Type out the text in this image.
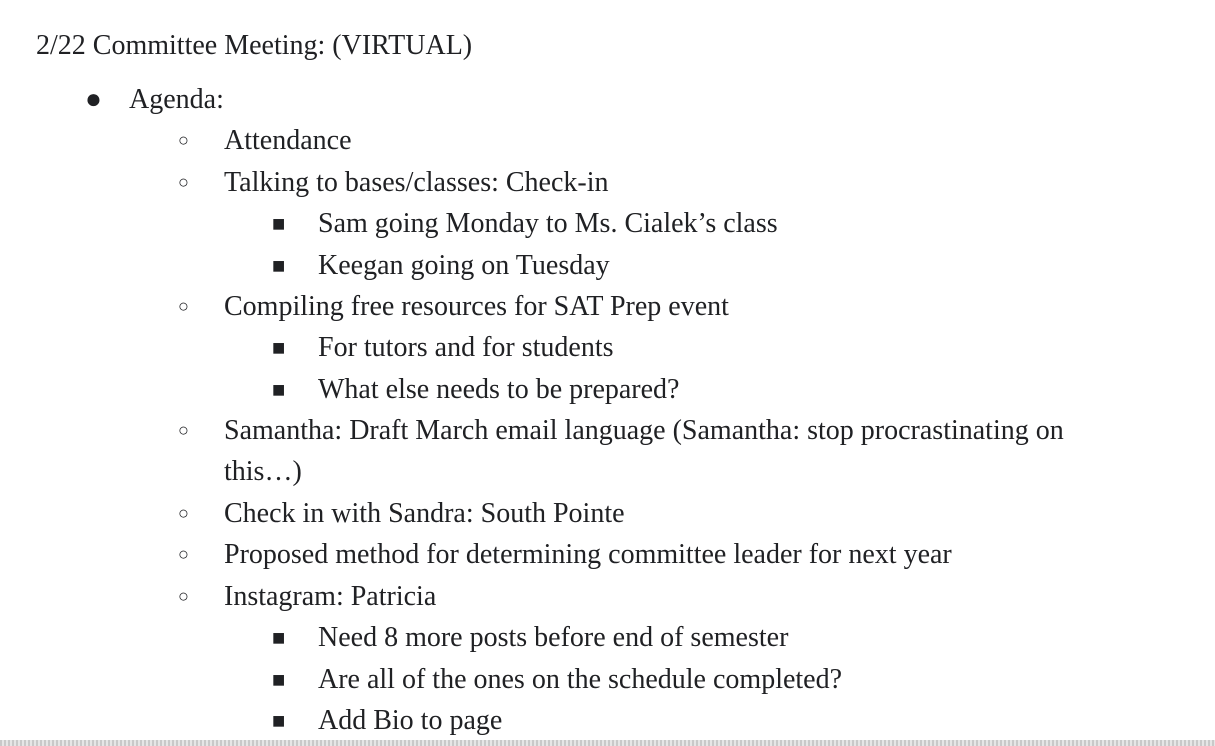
2/22 Committee Meeting: (VIRTUAL)
● Agenda:
○ Attendance
○ Talking to bases/classes: Check-in
■ Sam going Monday to Ms. Cialek’s class
■ Keegan going on Tuesday
○ Compiling free resources for SAT Prep event
■ For tutors and for students
■ What else needs to be prepared?
○ Samantha: Draft March email language (Samantha: stop procrastinating on
this…)
○ Check in with Sandra: South Pointe
○ Proposed method for determining committee leader for next year
○ Instagram: Patricia
■ Need 8 more posts before end of semester
■ Are all of the ones on the schedule completed?
■ Add Bio to page
